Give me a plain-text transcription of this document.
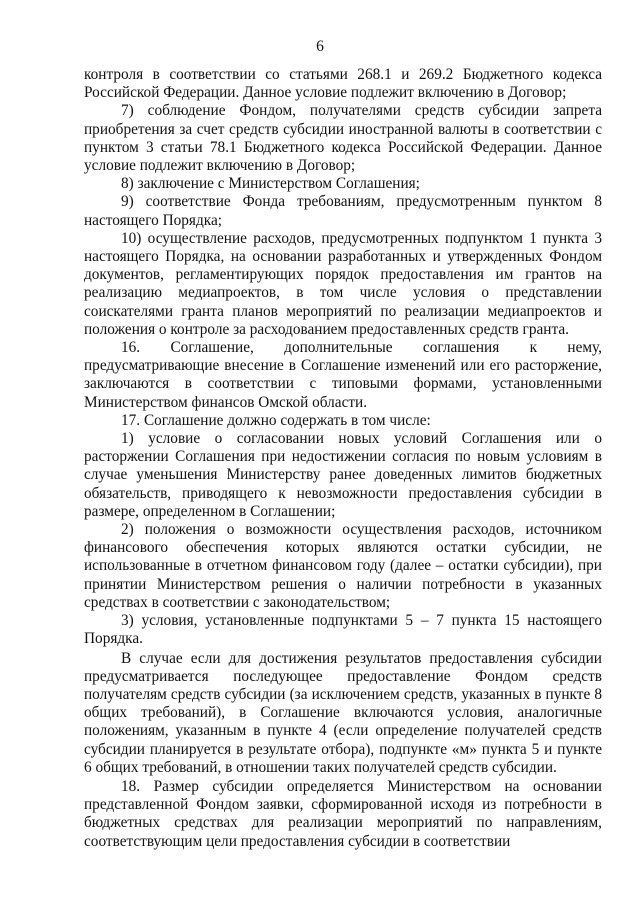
6

контроля в соответствии со статьями 268.1 и 269.2 Бюджетного кодекса Российской Федерации. Данное условие подлежит включению в Договор;

7) соблюдение Фондом, получателями средств субсидии запрета приобретения за счет средств субсидии иностранной валюты в соответствии с пунктом 3 статьи 78.1 Бюджетного кодекса Российской Федерации. Данное условие подлежит включению в Договор;

8) заключение с Министерством Соглашения;

9) соответствие Фонда требованиям, предусмотренным пунктом 8 настоящего Порядка;

10) осуществление расходов, предусмотренных подпунктом 1 пункта 3 настоящего Порядка, на основании разработанных и утвержденных Фондом документов, регламентирующих порядок предоставления им грантов на реализацию медиапроектов, в том числе условия о представлении соискателями гранта планов мероприятий по реализации медиапроектов и положения о контроле за расходованием предоставленных средств гранта.

16. Соглашение, дополнительные соглашения к нему, предусматривающие внесение в Соглашение изменений или его расторжение, заключаются в соответствии с типовыми формами, установленными Министерством финансов Омской области.

17. Соглашение должно содержать в том числе:

1) условие о согласовании новых условий Соглашения или о расторжении Соглашения при недостижении согласия по новым условиям в случае уменьшения Министерству ранее доведенных лимитов бюджетных обязательств, приводящего к невозможности предоставления субсидии в размере, определенном в Соглашении;

2) положения о возможности осуществления расходов, источником финансового обеспечения которых являются остатки субсидии, не использованные в отчетном финансовом году (далее – остатки субсидии), при принятии Министерством решения о наличии потребности в указанных средствах в соответствии с законодательством;

3) условия, установленные подпунктами 5 – 7 пункта 15 настоящего Порядка.

В случае если для достижения результатов предоставления субсидии предусматривается последующее предоставление Фондом средств получателям средств субсидии (за исключением средств, указанных в пункте 8 общих требований), в Соглашение включаются условия, аналогичные положениям, указанным в пункте 4 (если определение получателей средств субсидии планируется в результате отбора), подпункте «м» пункта 5 и пункте 6 общих требований, в отношении таких получателей средств субсидии.

18. Размер субсидии определяется Министерством на основании представленной Фондом заявки, сформированной исходя из потребности в бюджетных средствах для реализации мероприятий по направлениям, соответствующим цели предоставления субсидии в соответствии
